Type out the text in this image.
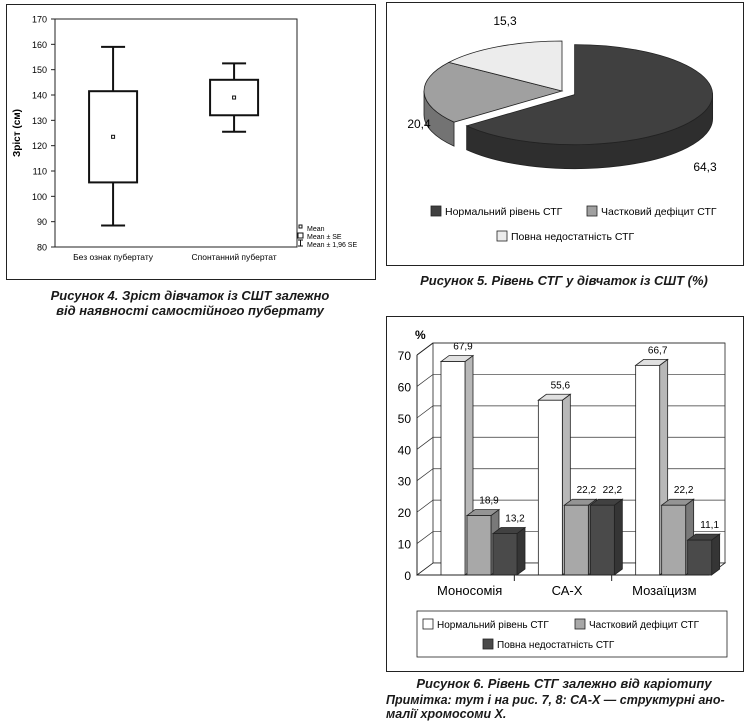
80
90
100
110
120
130
140
150
160
170
Зріст (см)
Без ознак пубертату	Спонтанний пубертат
Mean
Mean ± SE
Mean ± 1,96 SE
Рисунок 4. Зріст дівчаток із СШТ залежно
від наявності самостійного пубертату
64,3
20,4
15,3
Нормальний рівень СТГ	Частковий дефіцит СТГ
Повна недостатність СТГ
Рисунок 5. Рівень СТГ у дівчаток із СШТ (%)
0
10
20
30
40
50
60
70
%
67,9
18,9
13,2
Моносомія
55,6
22,2 22,2
СА-Х
66,7
22,2
11,1
Мозаїцизм
Нормальний рівень СТГ	Частковий дефіцит СТГ
Повна недостатність СТГ
Рисунок 6. Рівень СТГ залежно від каріотипу
Примітка: тут і на рис. 7, 8: СА-Х — структурні ано-
малії хромосоми Х.
